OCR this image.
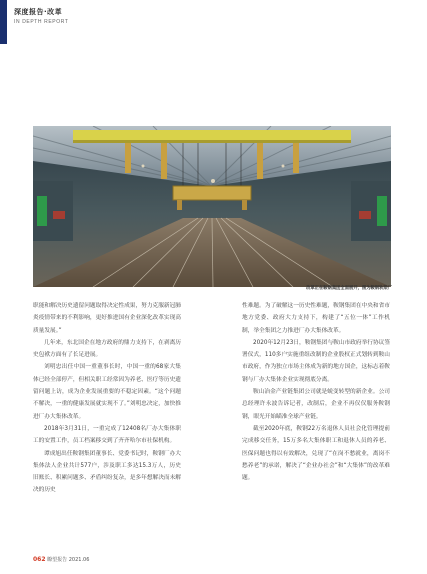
深度报告·改革
IN DEPTH REPORT
改革正在鞍钢集团全面展开，图为鞍钢轨梁厂

职能和解决历史遗留问题取得决定性成果，努力克服新冠肺炎疫情带来的不利影响，更好推进国有企业深化改革实现高质量发展。”

几年来，东北国企在地方政府的鼎力支持下，在剥离历史包袱方面有了长足进展。

刘明忠出任中国一重董事长时，中国一重的68家大集体已经全部停产，但相关职工经常因为养老、医疗等历史遗留问题上访，成为企业发展重要的不稳定因素。“这个问题不解决，一重的健康发展就实现不了。”刘明忠决定，加快推进厂办大集体改革。

2018年3月31日，一重完成了12408名厂办大集体职工的安置工作，员工档案移交到了齐齐哈尔市社保机构。

谭成旭出任鞍钢集团董事长、党委书记时，鞍钢厂办大集体法人企业共计577户，涉及职工多达15.3万人，历史旧账长、积累问题多、矛盾纠纷复杂，是多年想解决而未解决的历史

性难题。为了破解这一历史性难题，鞍钢集团在中央和省市地方党委、政府大力支持下，构建了“五位一体”工作机制，举全集团之力推进厂办大集体改革。

2020年12月23日，鞍钢集团与鞍山市政府举行协议签署仪式，110多户实施重组改制的企业股权正式划转到鞍山市政府，作为独立市场主体成为新的地方国企，这标志着鞍钢与厂办大集体企业实现彻底分离。

鞍山冶金产业链集团公司就是蜕变转型的新企业。公司总经理许永波告诉记者，改制后，企业不再仅仅服务鞍钢钢，眼光开始瞄准全球产业链。

截至2020年底，鞍钢22万名退休人员社会化管理提前完成移交任务，15万多名大集体职工和退休人员的养老、医保问题也得以有效解决，兑现了“在岗不愁就业，离岗不愁养老”的承诺，解决了“企业办社会”和“大集体”的改革难题。

062 瞭望报告 2021.06
